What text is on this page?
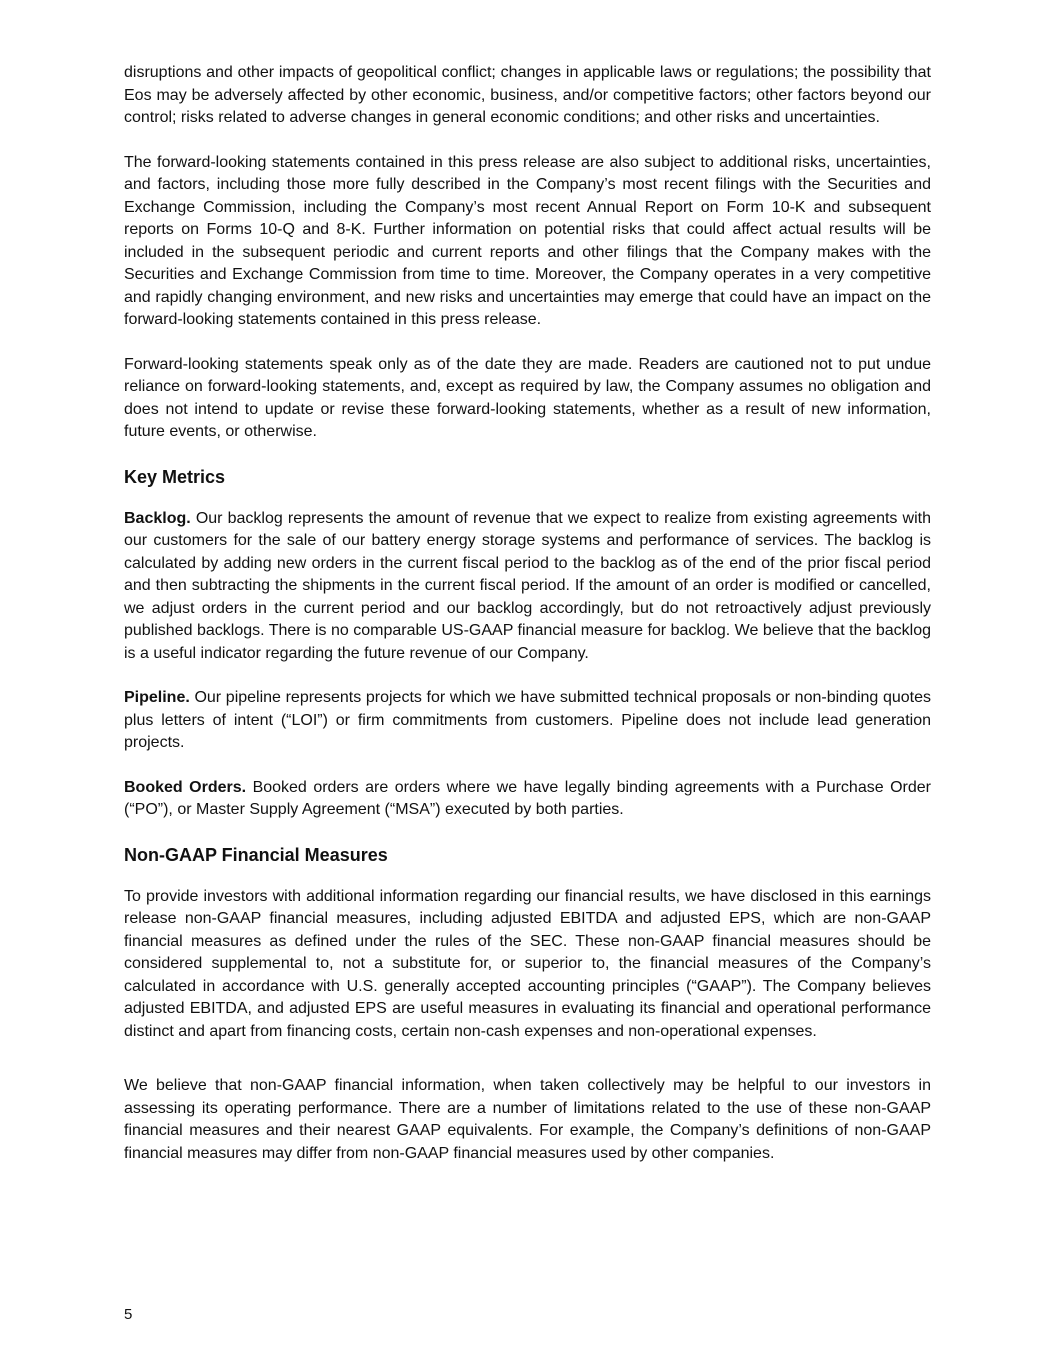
disruptions and other impacts of geopolitical conflict; changes in applicable laws or regulations; the possibility that Eos may be adversely affected by other economic, business, and/or competitive factors; other factors beyond our control; risks related to adverse changes in general economic conditions; and other risks and uncertainties.

The forward-looking statements contained in this press release are also subject to additional risks, uncertainties, and factors, including those more fully described in the Company’s most recent filings with the Securities and Exchange Commission, including the Company’s most recent Annual Report on Form 10-K and subsequent reports on Forms 10-Q and 8-K. Further information on potential risks that could affect actual results will be included in the subsequent periodic and current reports and other filings that the Company makes with the Securities and Exchange Commission from time to time. Moreover, the Company operates in a very competitive and rapidly changing environment, and new risks and uncertainties may emerge that could have an impact on the forward-looking statements contained in this press release.

Forward-looking statements speak only as of the date they are made. Readers are cautioned not to put undue reliance on forward-looking statements, and, except as required by law, the Company assumes no obligation and does not intend to update or revise these forward-looking statements, whether as a result of new information, future events, or otherwise.

Key Metrics

Backlog. Our backlog represents the amount of revenue that we expect to realize from existing agreements with our customers for the sale of our battery energy storage systems and performance of services. The backlog is calculated by adding new orders in the current fiscal period to the backlog as of the end of the prior fiscal period and then subtracting the shipments in the current fiscal period. If the amount of an order is modified or cancelled, we adjust orders in the current period and our backlog accordingly, but do not retroactively adjust previously published backlogs. There is no comparable US-GAAP financial measure for backlog. We believe that the backlog is a useful indicator regarding the future revenue of our Company.

Pipeline. Our pipeline represents projects for which we have submitted technical proposals or non-binding quotes plus letters of intent (“LOI”) or firm commitments from customers. Pipeline does not include lead generation projects.

Booked Orders. Booked orders are orders where we have legally binding agreements with a Purchase Order (“PO”), or Master Supply Agreement (“MSA”) executed by both parties.

Non-GAAP Financial Measures

To provide investors with additional information regarding our financial results, we have disclosed in this earnings release non-GAAP financial measures, including adjusted EBITDA and adjusted EPS, which are non-GAAP financial measures as defined under the rules of the SEC. These non-GAAP financial measures should be considered supplemental to, not a substitute for, or superior to, the financial measures of the Company’s calculated in accordance with U.S. generally accepted accounting principles (“GAAP”). The Company believes adjusted EBITDA, and adjusted EPS are useful measures in evaluating its financial and operational performance distinct and apart from financing costs, certain non-cash expenses and non-operational expenses.

We believe that non-GAAP financial information, when taken collectively may be helpful to our investors in assessing its operating performance. There are a number of limitations related to the use of these non-GAAP financial measures and their nearest GAAP equivalents. For example, the Company’s definitions of non-GAAP financial measures may differ from non-GAAP financial measures used by other companies.

5
